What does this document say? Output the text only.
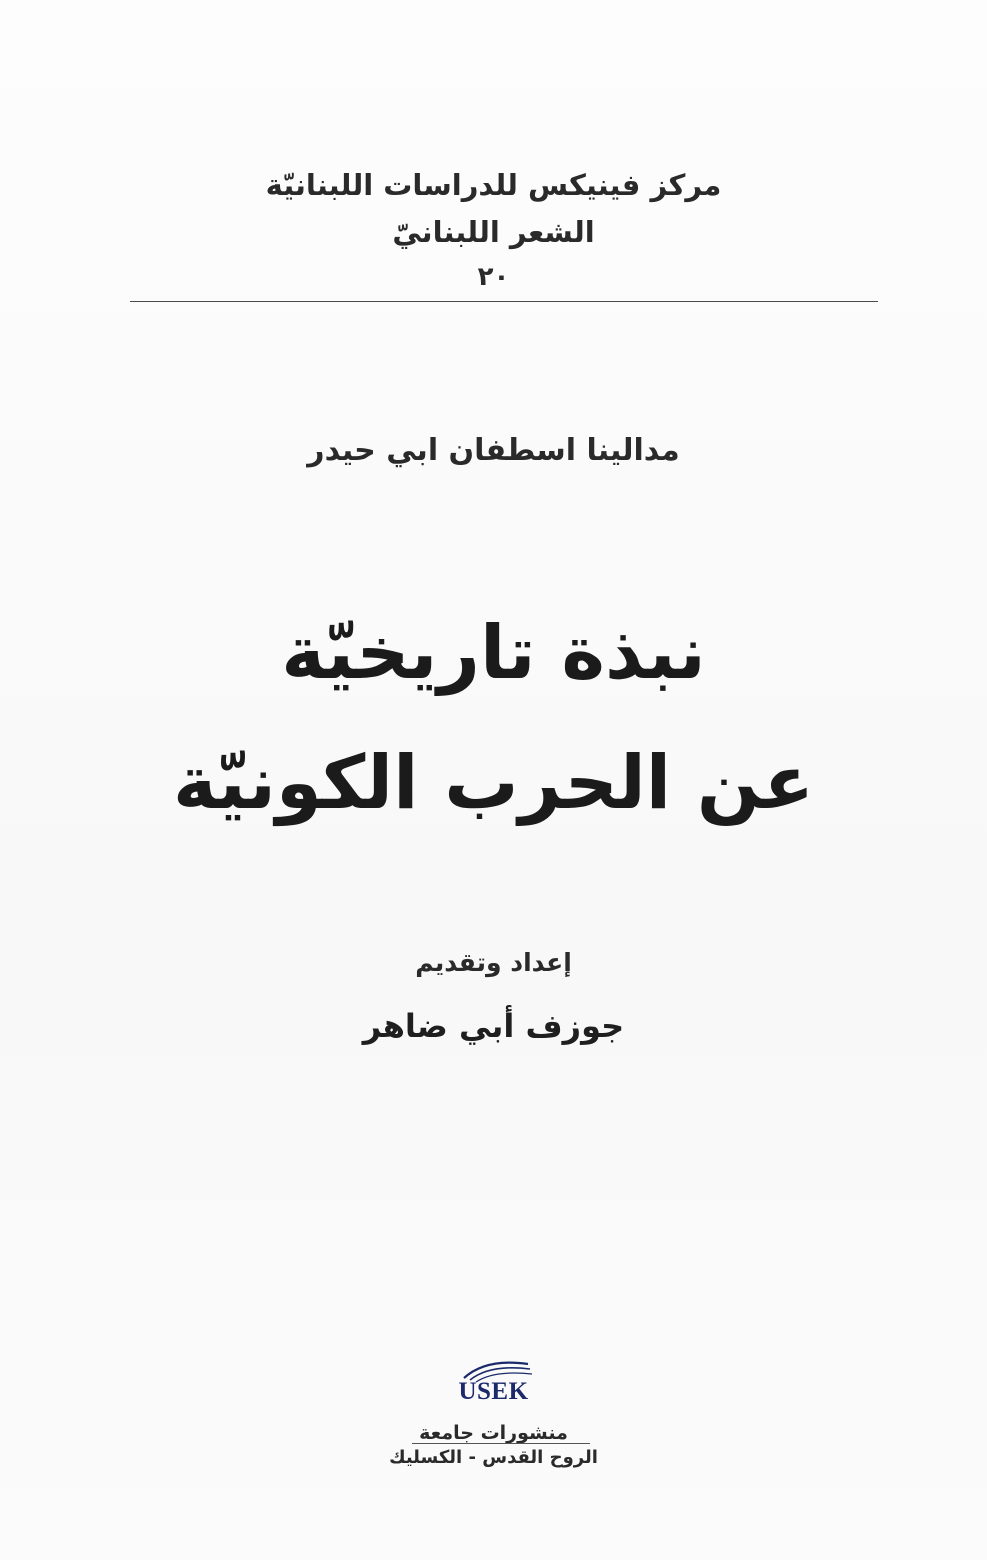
مركز فينيكس للدراسات اللبنانيّة
الشعر اللبنانيّ
٢٠
مدالينا اسطفان ابي حيدر
نبذة تاريخيّة
عن الحرب الكونيّة
إعداد وتقديم
جوزف أبي ضاهر
USEK
منشورات جامعة
الروح القدس - الكسليك
